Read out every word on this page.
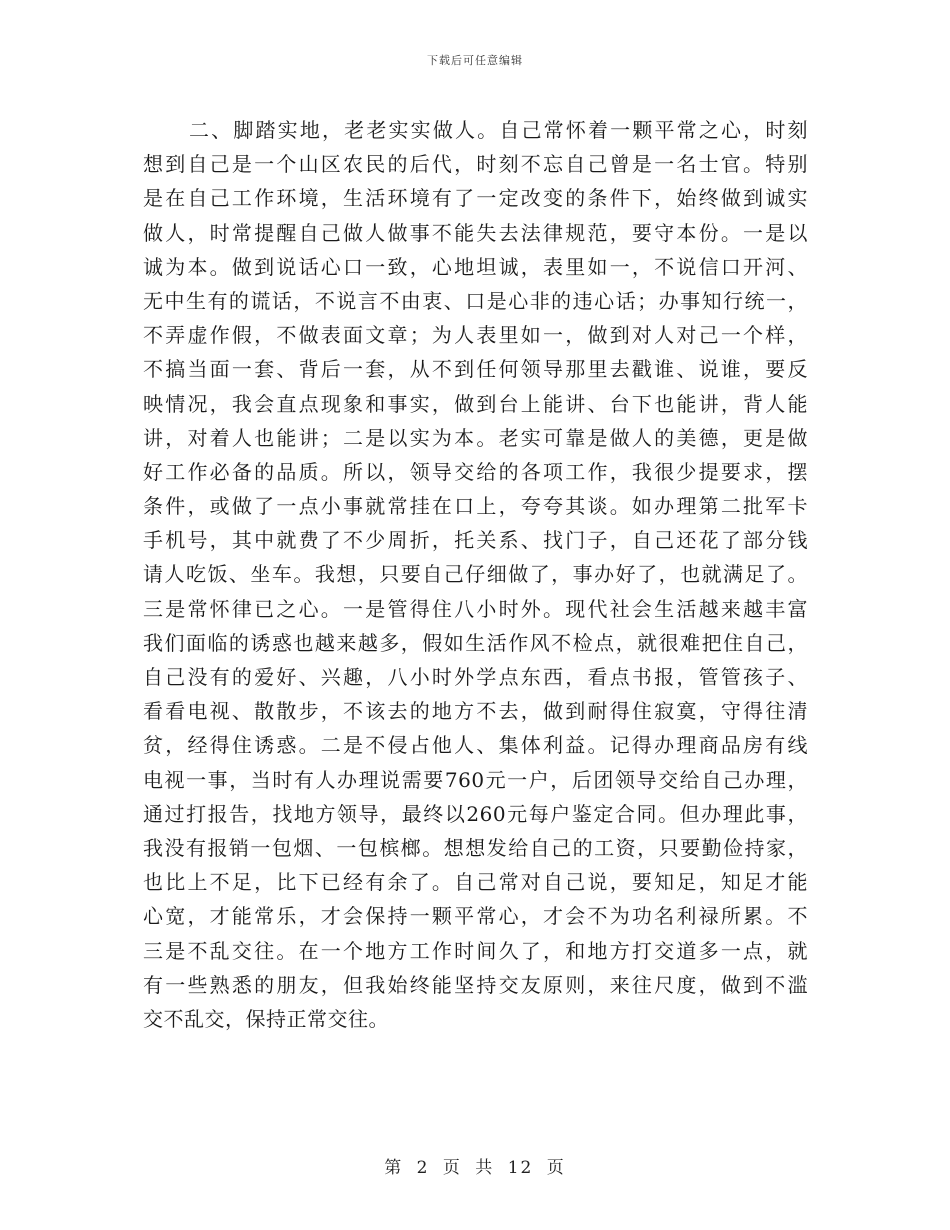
下载后可任意编辑
二、脚踏实地，老老实实做人。自己常怀着一颗平常之心，时刻
想到自己是一个山区农民的后代，时刻不忘自己曾是一名士官。特别
是在自己工作环境，生活环境有了一定改变的条件下，始终做到诚实
做人，时常提醒自己做人做事不能失去法律规范，要守本份。一是以
诚为本。做到说话心口一致，心地坦诚，表里如一，不说信口开河、
无中生有的谎话，不说言不由衷、口是心非的违心话；办事知行统一，
不弄虚作假，不做表面文章；为人表里如一，做到对人对己一个样，
不搞当面一套、背后一套，从不到任何领导那里去戳谁、说谁，要反
映情况，我会直点现象和事实，做到台上能讲、台下也能讲，背人能
讲，对着人也能讲；二是以实为本。老实可靠是做人的美德，更是做
好工作必备的品质。所以，领导交给的各项工作，我很少提要求，摆
条件，或做了一点小事就常挂在口上，夸夸其谈。如办理第二批军卡
手机号，其中就费了不少周折，托关系、找门子，自己还花了部分钱
请人吃饭、坐车。我想，只要自己仔细做了，事办好了，也就满足了。
三是常怀律已之心。一是管得住八小时外。现代社会生活越来越丰富
我们面临的诱惑也越来越多，假如生活作风不检点，就很难把住自己，
自己没有的爱好、兴趣，八小时外学点东西，看点书报，管管孩子、
看看电视、散散步，不该去的地方不去，做到耐得住寂寞，守得往清
贫，经得住诱惑。二是不侵占他人、集体利益。记得办理商品房有线
电视一事，当时有人办理说需要760元一户，后团领导交给自己办理，
通过打报告，找地方领导，最终以260元每户鉴定合同。但办理此事，
我没有报销一包烟、一包槟榔。想想发给自己的工资，只要勤俭持家，
也比上不足，比下已经有余了。自己常对自己说，要知足，知足才能
心宽，才能常乐，才会保持一颗平常心，才会不为功名利禄所累。不
三是不乱交往。在一个地方工作时间久了，和地方打交道多一点，就
有一些熟悉的朋友，但我始终能坚持交友原则，来往尺度，做到不滥
交不乱交，保持正常交往。
第 2 页 共 12 页
